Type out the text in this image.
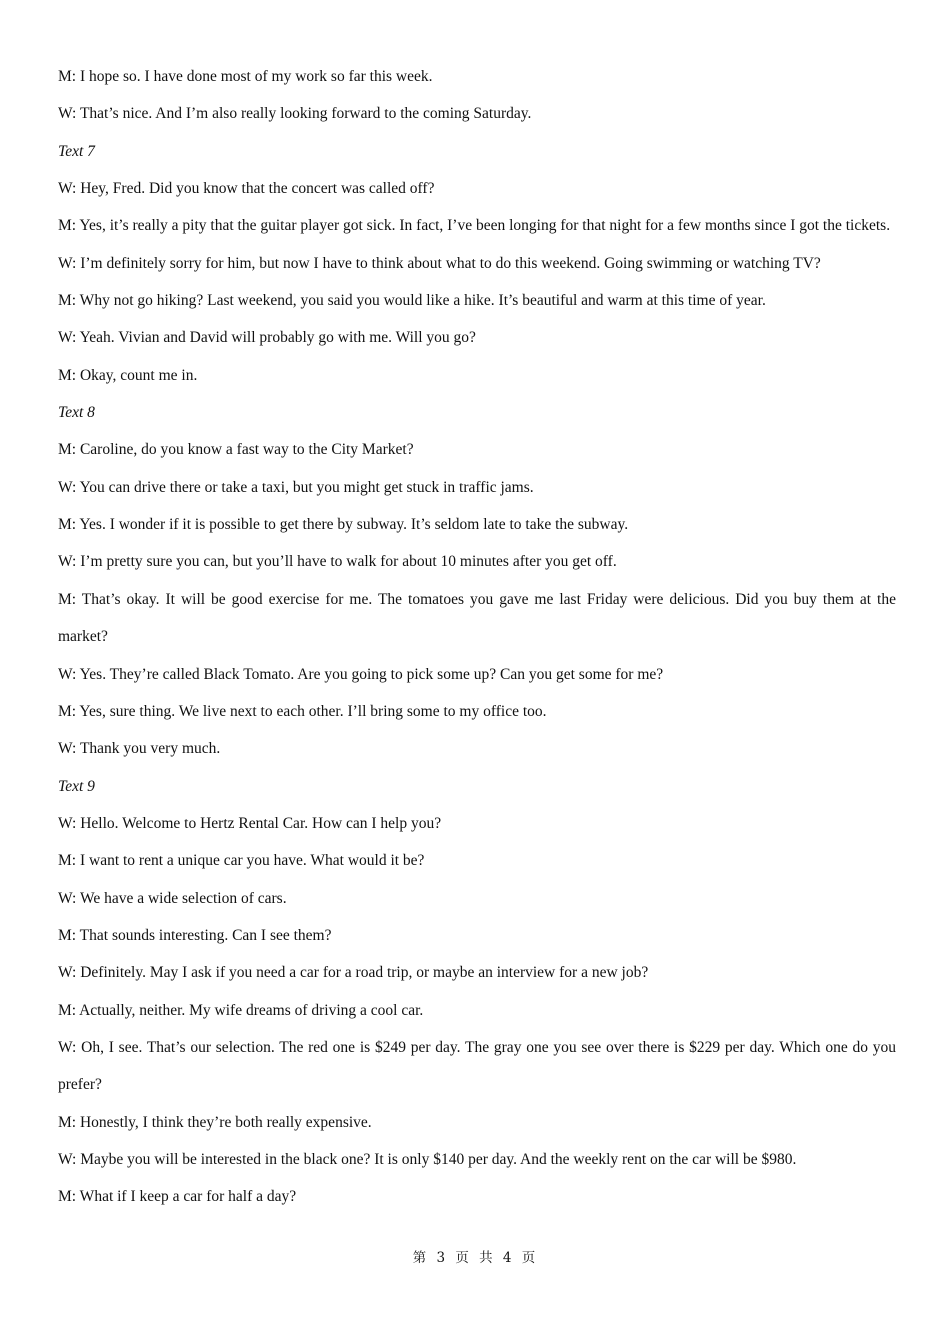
M: I hope so. I have done most of my work so far this week.

W: That’s nice. And I’m also really looking forward to the coming Saturday.

Text 7

W: Hey, Fred. Did you know that the concert was called off?

M: Yes, it’s really a pity that the guitar player got sick. In fact, I’ve been longing for that night for a few months since I got the tickets.

W: I’m definitely sorry for him, but now I have to think about what to do this weekend. Going swimming or watching TV?

M: Why not go hiking? Last weekend, you said you would like a hike. It’s beautiful and warm at this time of year.

W: Yeah. Vivian and David will probably go with me. Will you go?

M: Okay, count me in.

Text 8

M: Caroline, do you know a fast way to the City Market?

W: You can drive there or take a taxi, but you might get stuck in traffic jams.

M: Yes. I wonder if it is possible to get there by subway. It’s seldom late to take the subway.

W: I’m pretty sure you can, but you’ll have to walk for about 10 minutes after you get off.

M: That’s okay. It will be good exercise for me. The tomatoes you gave me last Friday were delicious. Did you buy them at the market?

W: Yes. They’re called Black Tomato. Are you going to pick some up? Can you get some for me?

M: Yes, sure thing. We live next to each other. I’ll bring some to my office too.

W: Thank you very much.

Text 9

W: Hello. Welcome to Hertz Rental Car. How can I help you?

M: I want to rent a unique car you have. What would it be?

W: We have a wide selection of cars.

M: That sounds interesting. Can I see them?

W: Definitely. May I ask if you need a car for a road trip, or maybe an interview for a new job?

M: Actually, neither. My wife dreams of driving a cool car.

W: Oh, I see. That’s our selection. The red one is $249 per day. The gray one you see over there is $229 per day. Which one do you prefer?

M: Honestly, I think they’re both really expensive.

W: Maybe you will be interested in the black one? It is only $140 per day. And the weekly rent on the car will be $980.

M: What if I keep a car for half a day?

第 3 页 共 4 页
